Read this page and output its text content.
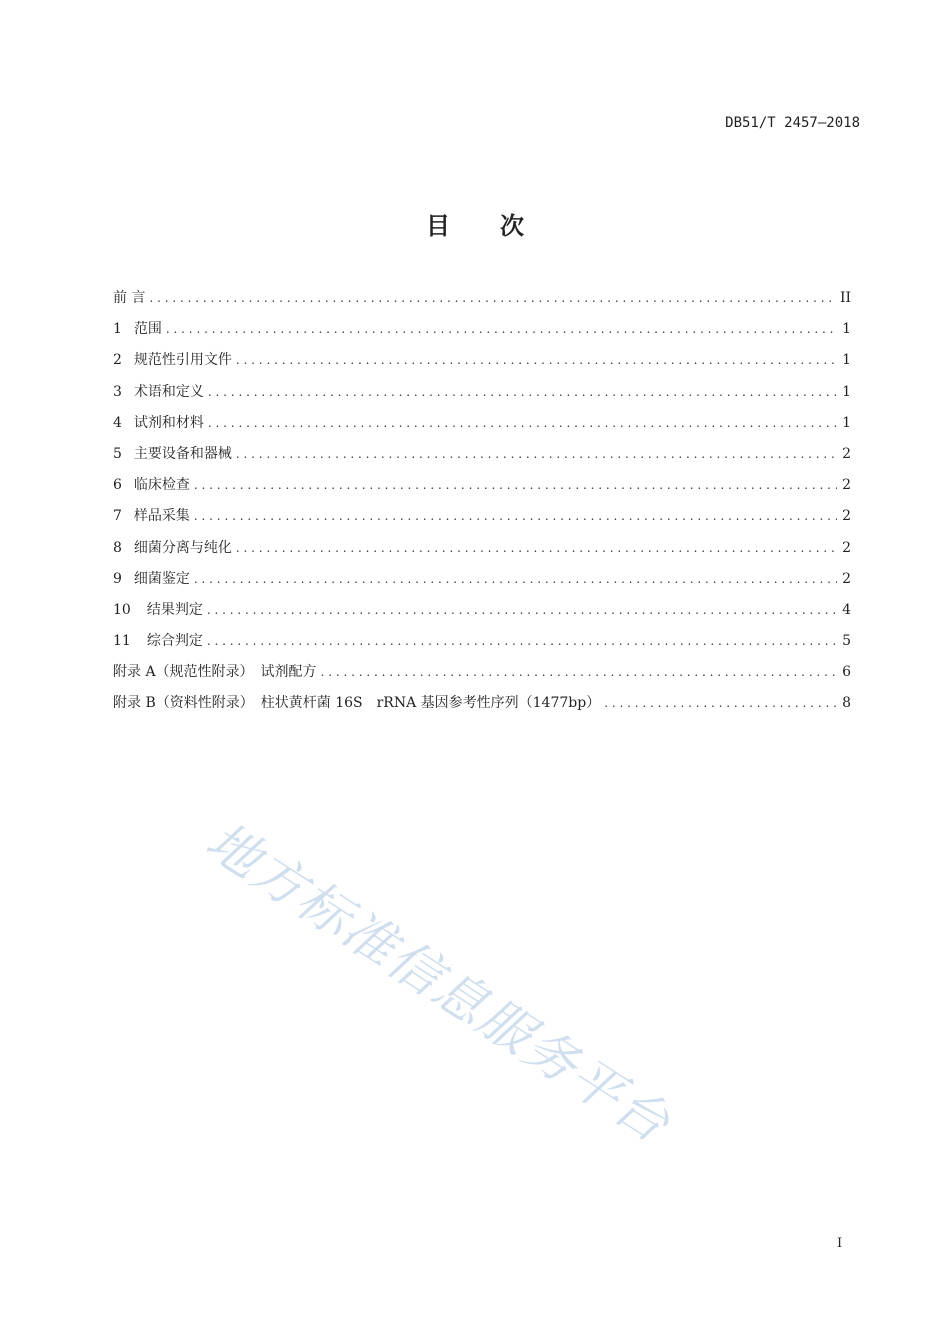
DB51/T 2457—2018
目 次
前 言 . . .	II
1 范围 . . .	1
2 规范性引用文件 . . .	1
3 术语和定义 . . .	1
4 试剂和材料 . . .	1
5 主要设备和器械 . . .	2
6 临床检查 . . .	2
7 样品采集 . . .	2
8 细菌分离与纯化 . . .	2
9 细菌鉴定 . . .	2
10 结果判定 . . .	4
11 综合判定 . . .	5
附录 A（规范性附录）　试剂配方 . . .	6
附录 B（资料性附录）　柱状黄杆菌 16S　rRNA 基因参考性序列（1477bp） . . .	8
地方标准信息服务平台
I
